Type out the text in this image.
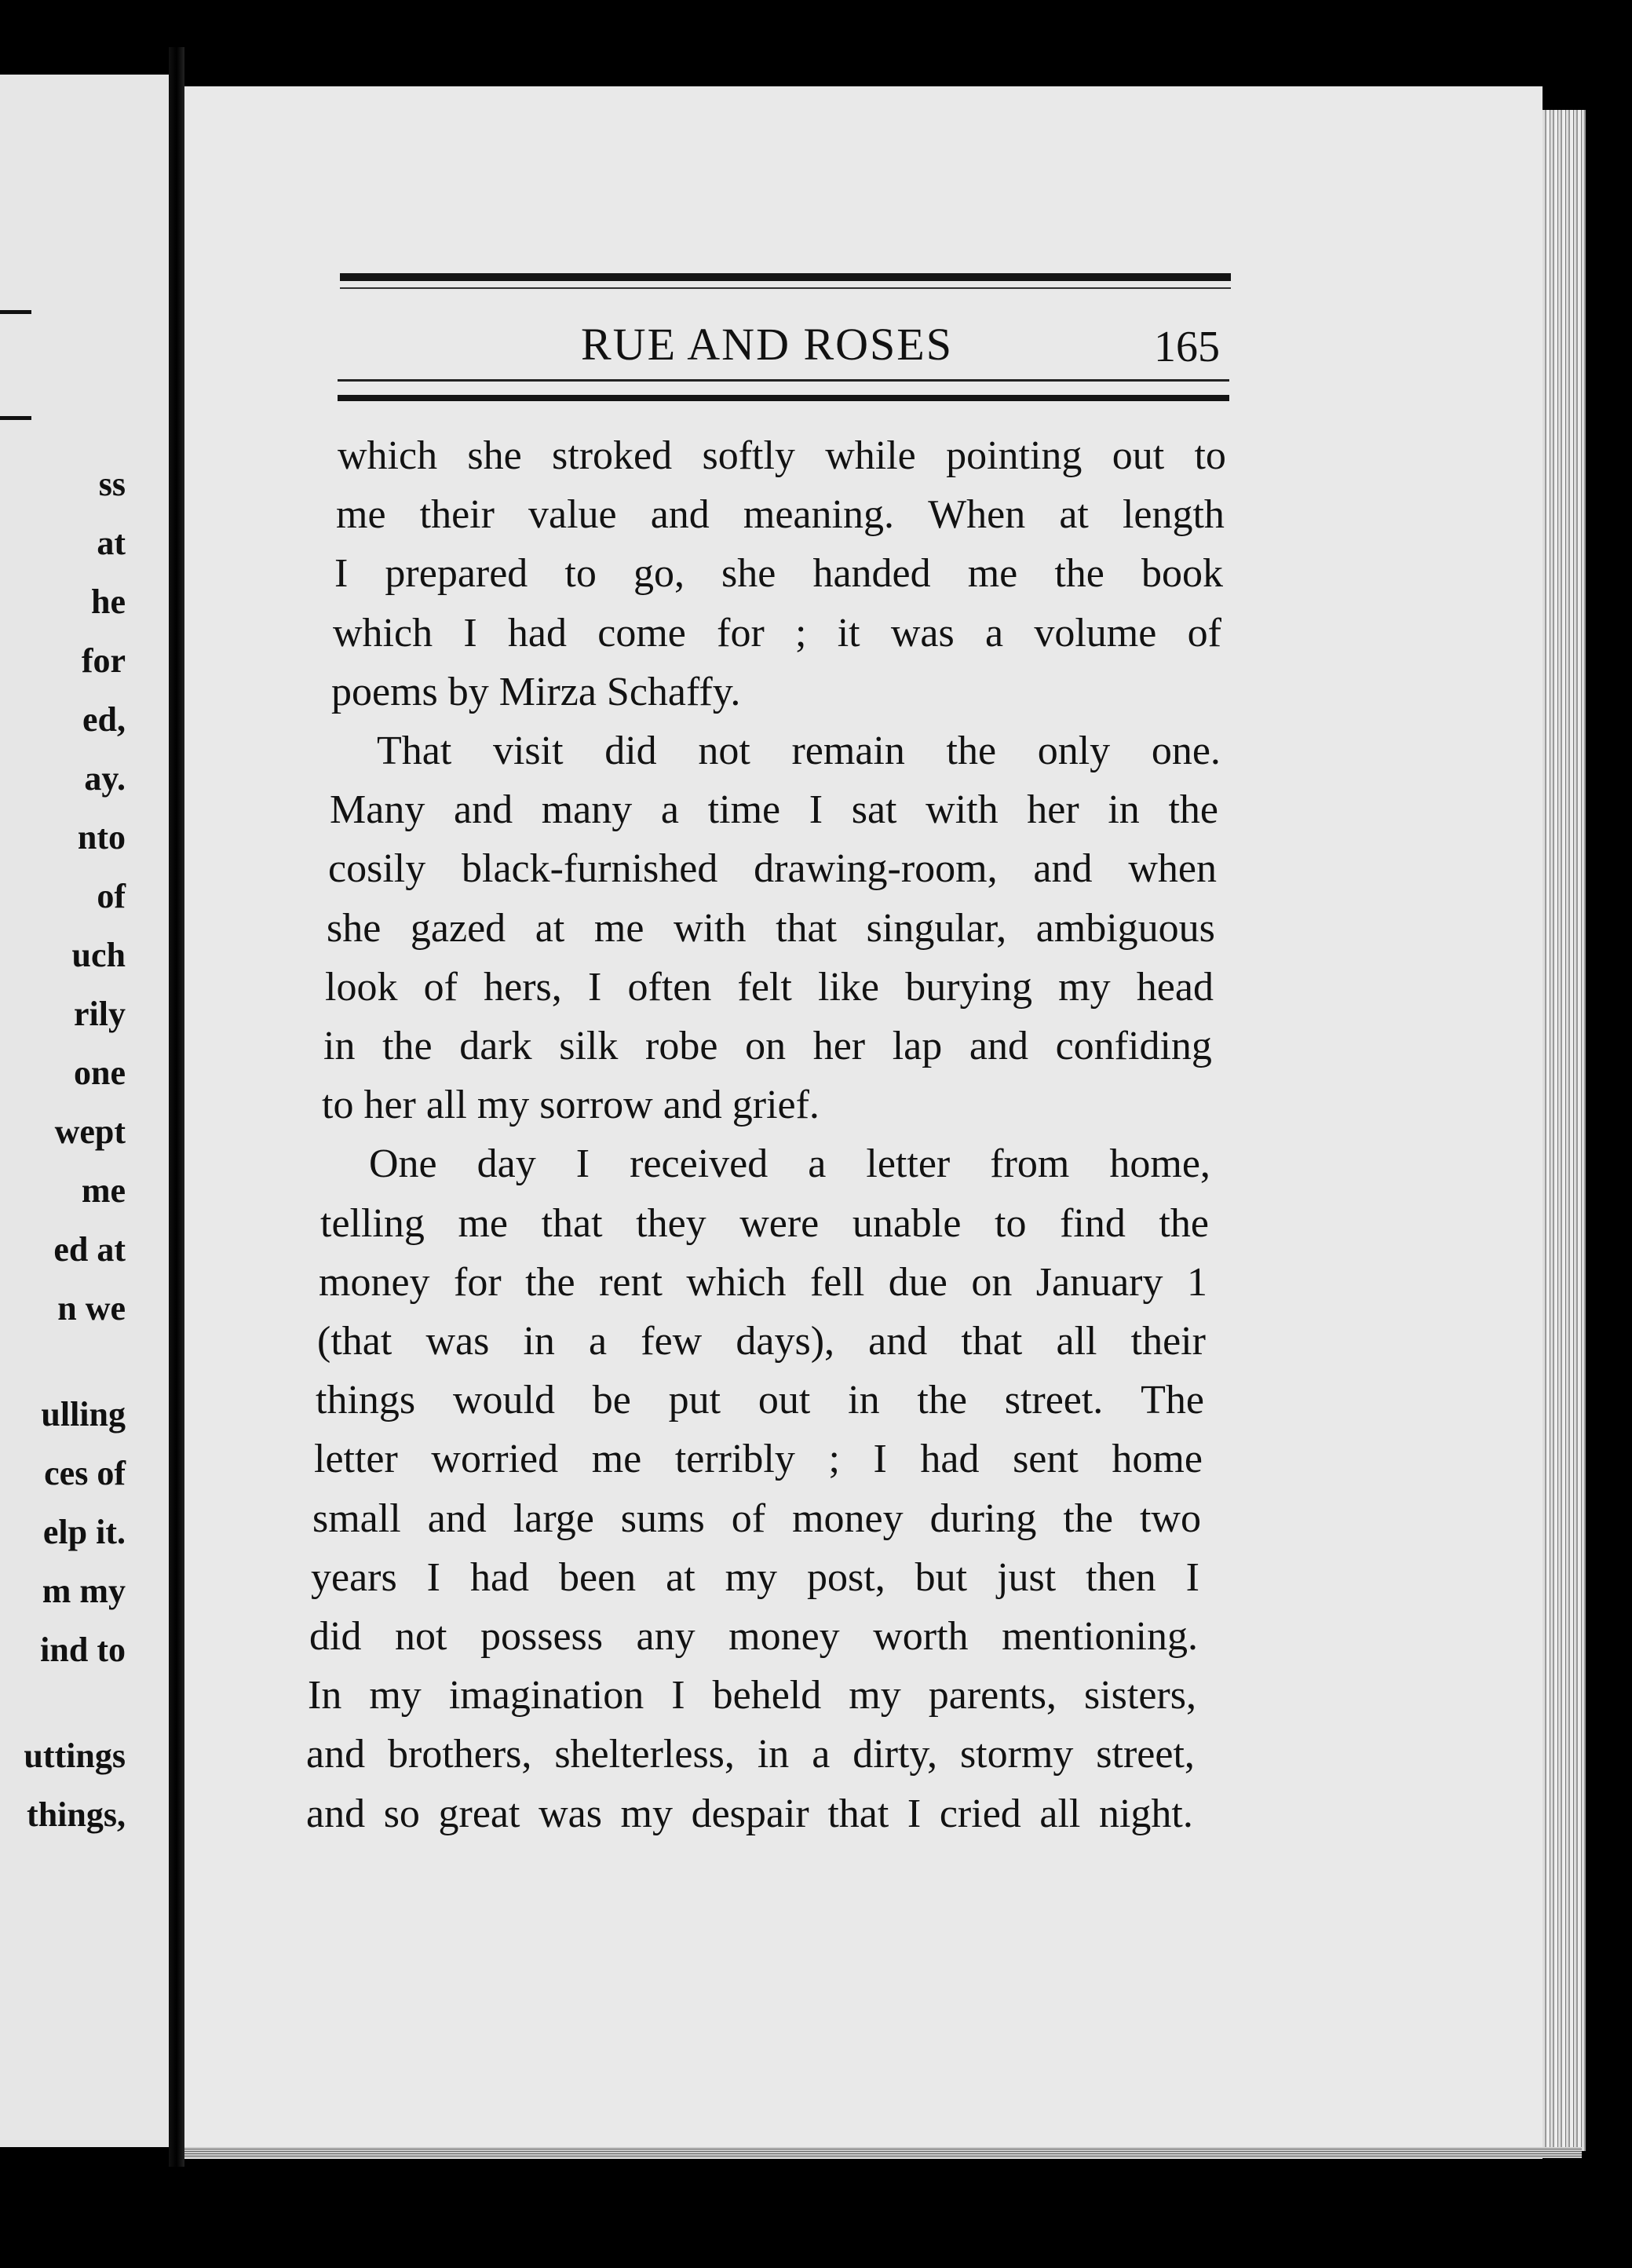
ss
at
he
for
ed,
ay.
nto
of
uch
rily
one
wept
me
ed at
n we
ulling
ces of
elp it.
m my
ind to
uttings
things,
RUE AND ROSES	165
which she stroked softly while pointing out to
me their value and meaning. When at length
I prepared to go, she handed me the book
which I had come for ; it was a volume of
poems by Mirza Schaffy.
That visit did not remain the only one.
Many and many a time I sat with her in the
cosily black-furnished drawing-room, and when
she gazed at me with that singular, ambiguous
look of hers, I often felt like burying my head
in the dark silk robe on her lap and confiding
to her all my sorrow and grief.
One day I received a letter from home,
telling me that they were unable to find the
money for the rent which fell due on January 1
(that was in a few days), and that all their
things would be put out in the street. The
letter worried me terribly ; I had sent home
small and large sums of money during the two
years I had been at my post, but just then I
did not possess any money worth mentioning.
In my imagination I beheld my parents, sisters,
and brothers, shelterless, in a dirty, stormy street,
and so great was my despair that I cried all night.
